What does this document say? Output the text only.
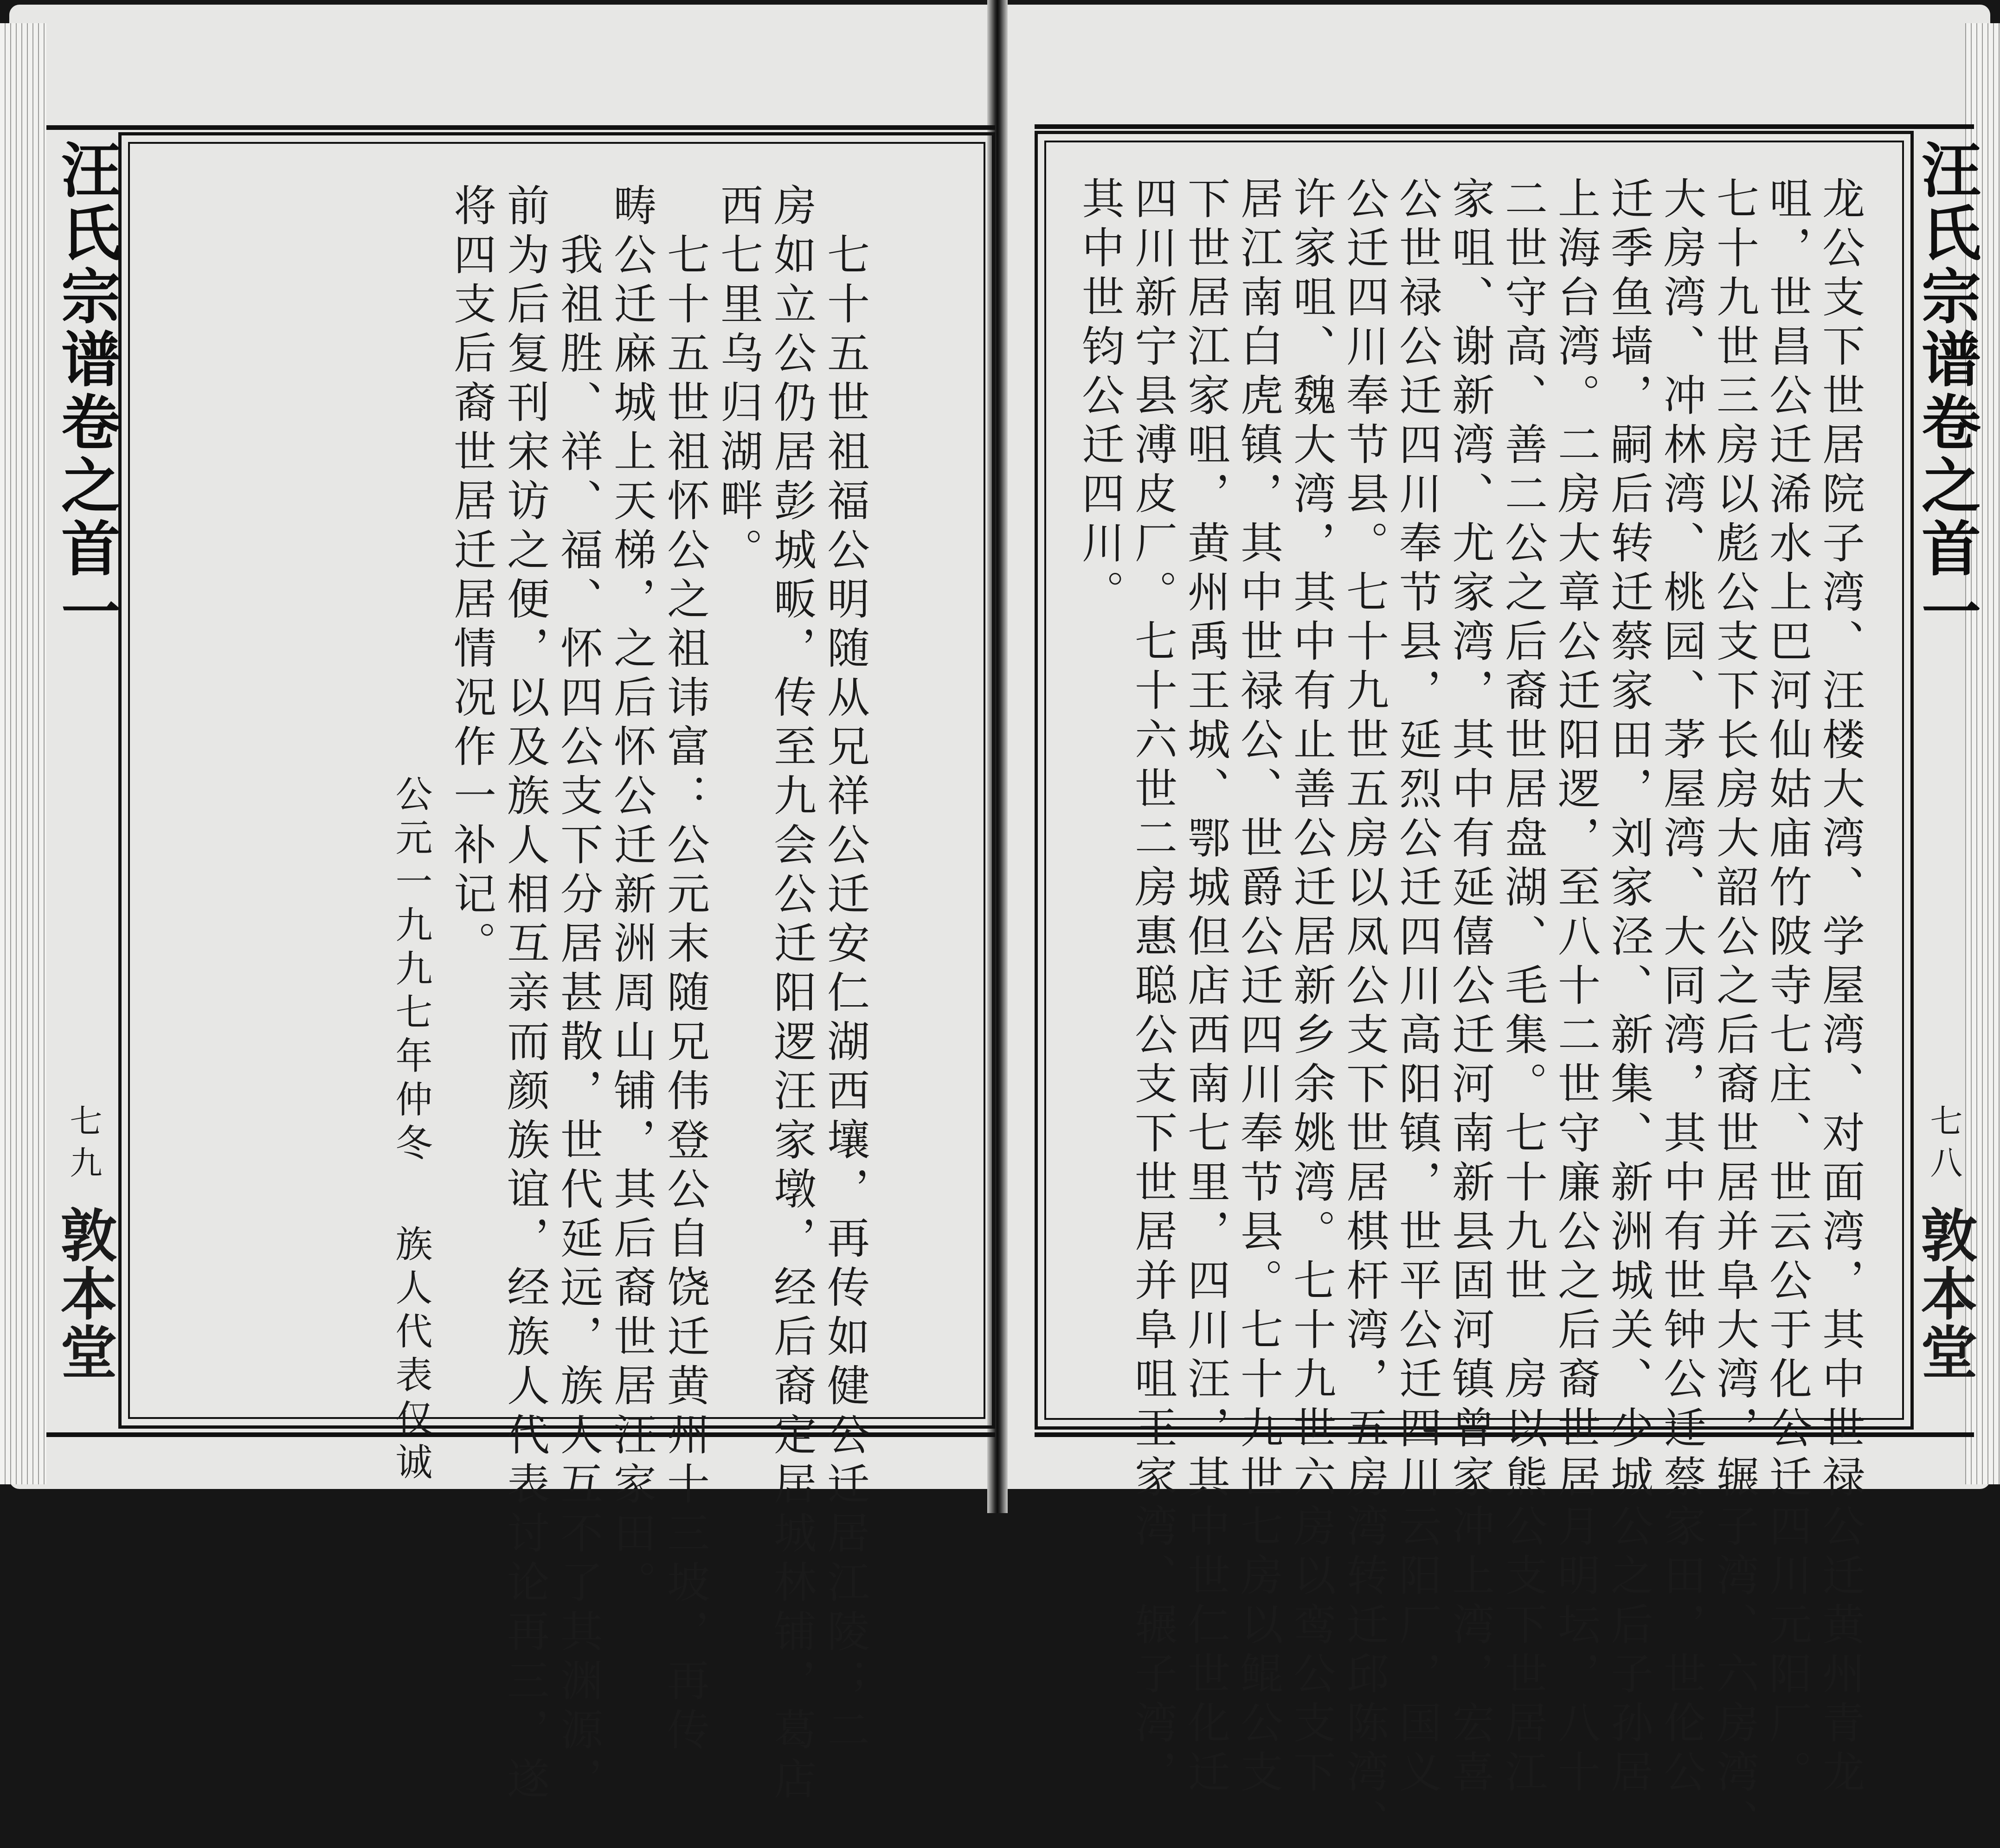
汪氏宗谱卷之首一
七九
敦本堂
汪氏宗谱卷之首一
七八
敦本堂

将四支后裔世居迁居情况作一补记。 前为后复刊宋访之便，以及族人相互亲而颜族谊，经族人代表讨论再三，遂 　我祖胜、祥、福、怀四公支下分居甚散，世代延远，族人互不了其渊源， 畴公迁麻城上天梯，之后怀公迁新洲周山铺，其后裔世居汪家田。 　七十五世祖怀公之祖讳富：公元末随兄伟登公自饶迁黄州十三坡，再传 西七里乌归湖畔。 房如立公仍居彭城畈，传至九会公迁阳逻汪家墩，经后裔定居城林铺，葛店 　七十五世祖福公明随从兄祥公迁安仁湖西壤，再传如健公迁居江陵；二
公元一九九七年仲冬
族人代表仅诚	龙公支下世居院子湾、汪楼大湾、学屋湾、对面湾，其中世禄公迁黄州青龙
咀，世昌公迁浠水上巴河仙姑庙竹陂寺七庄、世云公于化公迁四川元阳厂。
七十九世三房以彪公支下长房大韶公之后裔世居并阜大湾，辗子湾、六房湾、
大房湾、冲林湾、桃园、茅屋湾、大同湾，其中有世钟公迁蔡家田，世伦公
迁季鱼墙，嗣后转迁蔡家田，刘家泾、新集、新洲城关、少城公之后子孙居
上海台湾。二房大章公迁阳逻，至八十二世守廉公之后裔世居月明坛，八十
二世守高、善二公之后裔世居盘湖、毛集。七十九世　房以熊公支下世居江
家咀、谢新湾、尤家湾，其中有延僖公迁河南新县固河镇曾家冲上湾，宏喜
公世禄公迁四川奉节县，延烈公迁四川高阳镇，世平公迁四川云阳厂，国义
公迁四川奉节县。七十九世五房以凤公支下世居棋杆湾，五房湾转迁邱陈湾、
许家咀、魏大湾，其中有止善公迁居新乡余姚湾。七十九世六房以鸾公支下
居江南白虎镇，其中世禄公、世爵公迁四川奉节县。七十九世七房以鲲公支
下世居江家咀，黄州禹王城、鄂城但店西南七里，四川汪，其中世仁世化迁
四川新宁县溥皮厂。七十六世二房惠聪公支下世居并阜咀王家湾、辗子湾，
其中世钧公迁四川。
